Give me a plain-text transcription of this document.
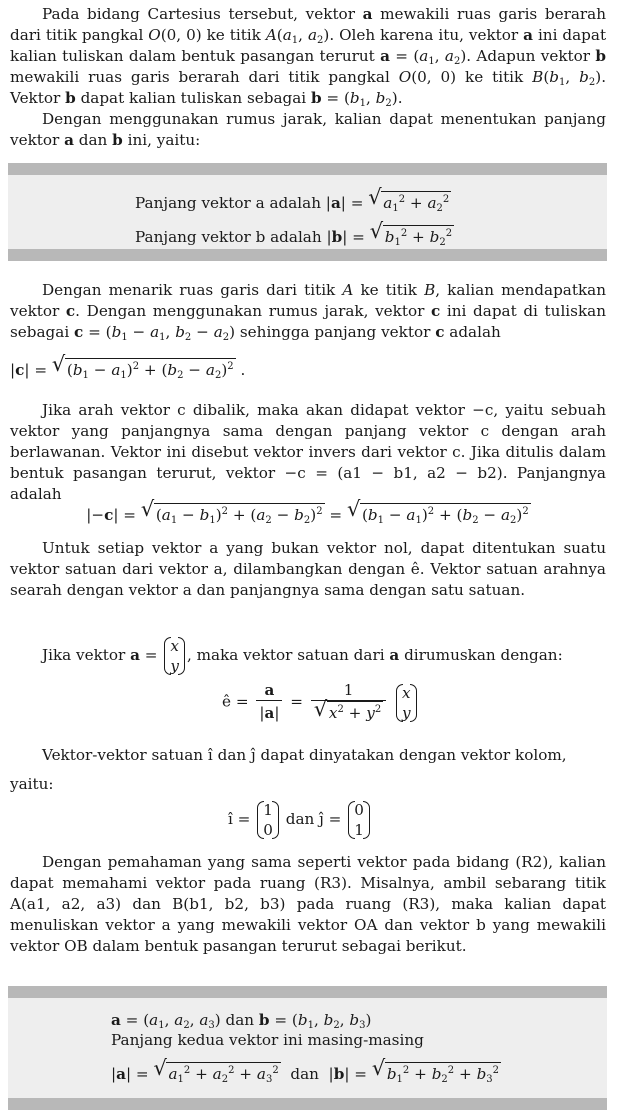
Pada bidang Cartesius tersebut, vektor a mewakili ruas garis berarah dari titik pangkal O(0, 0) ke titik $A(a_1$, $a_2$). Oleh karena itu, vektor a ini dapat kalian tuliskan dalam bentuk pasangan terurut $a = (a_1$, $a_2$). Adapun vektor b mewakili ruas garis berarah dari titik pangkal O(0, 0) ke titik $B(b_1$, $b_2$). Vektor b dapat kalian tuliskan sebagai $b = (b_1$, $b_2$).
Dengan menggunakan rumus jarak, kalian dapat menentukan panjang vektor a dan b ini, yaitu:
Panjang vektor a adalah |a| = √ $a_1^2 + a_2^2$
Panjang vektor b adalah |b| = √ $b_1^2 + b_2^2$
Dengan menarik ruas garis dari titik A ke titik B, kalian mendapatkan vektor c. Dengan menggunakan rumus jarak, vektor c ini dapat di tuliskan sebagai $c = (b_1 - a_1$, $b_2 - a_2$) sehingga panjang vektor c adalah
|c| = √ $(b_1 - a_1)^2 + (b_2 - a_2)^2$ .
Jika arah vektor c dibalik, maka akan didapat vektor −c, yaitu sebuah vektor yang panjangnya sama dengan panjang vektor c dengan arah berlawanan. Vektor ini disebut vektor invers dari vektor c. Jika ditulis dalam bentuk pasangan terurut, vektor −c = (a1 − b1, a2 − b2). Panjangnya adalah
|−c| = √ $(a_1 - b_1)^2 + (a_2 - b_2)^2$ = √ $(b_1 - a_1)^2 + (b_2 - a_2)^2$
Untuk setiap vektor a yang bukan vektor nol, dapat ditentukan suatu vektor satuan dari vektor a, dilambangkan dengan ê. Vektor satuan arahnya searah dengan vektor a dan panjangnya sama dengan satu satuan.
Jika vektor a = x
y
, maka vektor satuan dari a dirumuskan dengan:
ê = $\frac{a}{|a|} = \frac{1}{√ x^2 + y^2}$
x
y
Vektor-vektor satuan î dan ĵ dapat dinyatakan dengan vektor kolom,
yaitu:
î = 1
0
dan ĵ = 0
1
Dengan pemahaman yang sama seperti vektor pada bidang (R2), kalian dapat memahami vektor pada ruang (R3). Misalnya, ambil sebarang titik A(a1, a2, a3) dan B(b1, b2, b3) pada ruang (R3), maka kalian dapat menuliskan vektor a yang mewakili vektor OA dan vektor b yang mewakili vektor OB dalam bentuk pasangan terurut sebagai berikut.
$a = (a_1$, $a_2$, $a_3$) dan $b = (b_1$, $b_2$, $b_3$)
Panjang kedua vektor ini masing-masing
|a| = √ $a_1^2 + a_2^2 + a_3^2$ dan  |b| = √ $b_1^2 + b_2^2 + b_3^2$
